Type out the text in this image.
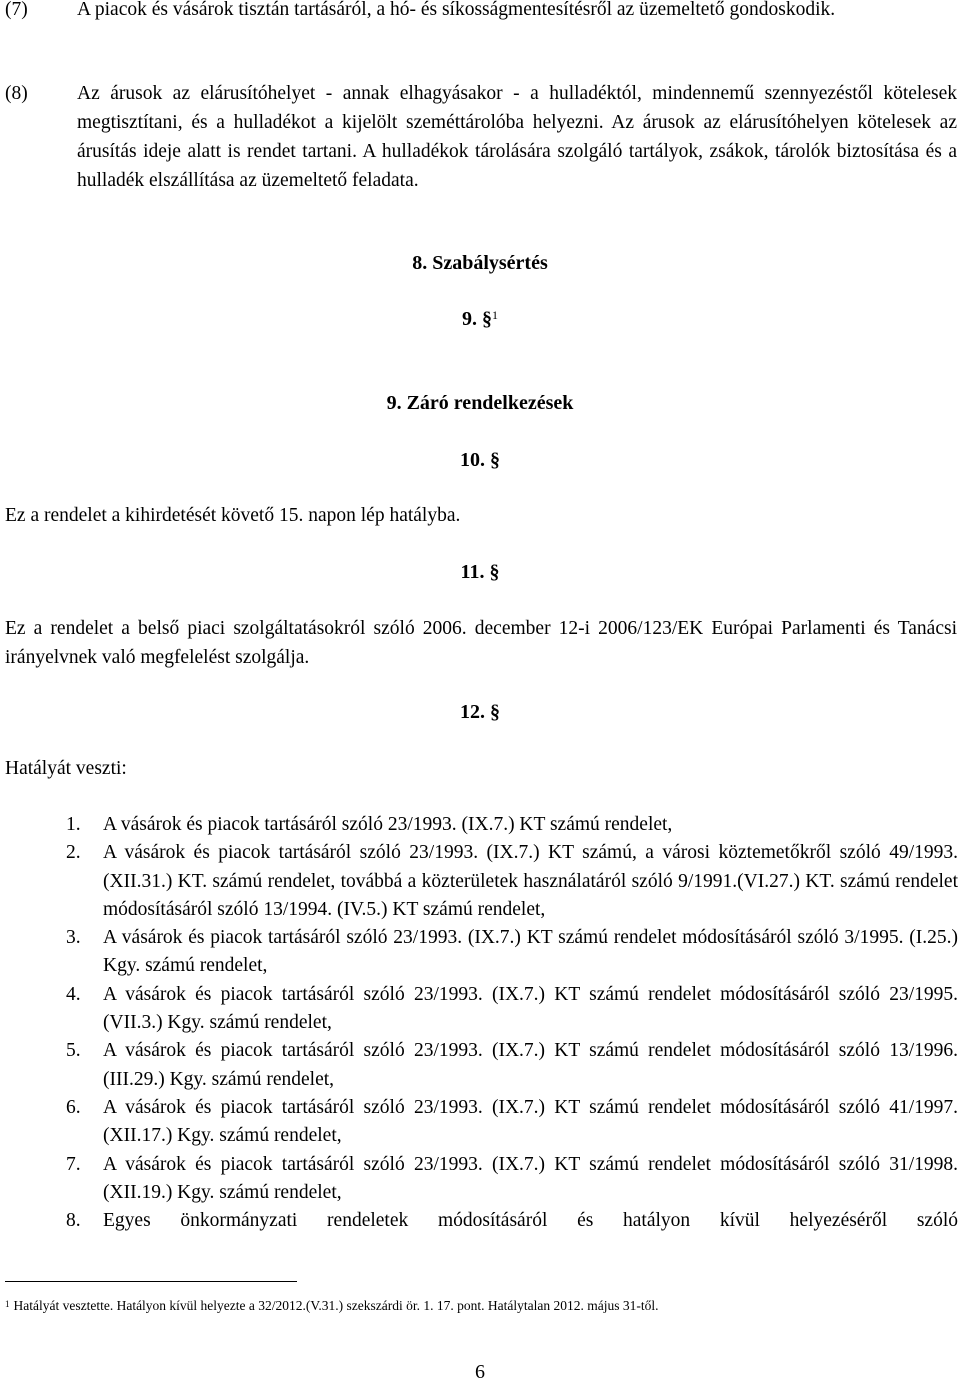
(7)	A piacok és vásárok tisztán tartásáról, a hó- és síkosságmentesítésről az üzemeltető gondoskodik.
(8)	Az árusok az elárusítóhelyet - annak elhagyásakor - a hulladéktól, mindennemű szennyezéstől kötelesek megtisztítani, és a hulladékot a kijelölt szeméttárolóba helyezni. Az árusok az elárusítóhelyen kötelesek az árusítás ideje alatt is rendet tartani. A hulladékok tárolására szolgáló tartályok, zsákok, tárolók biztosítása és a hulladék elszállítása az üzemeltető feladata.
8. Szabálysértés
9. §$^1$
9. Záró rendelkezések
10. §
Ez a rendelet a kihirdetését követő 15. napon lép hatályba.
11. §
Ez a rendelet a belső piaci szolgáltatásokról szóló 2006. december 12-i 2006/123/EK Európai Parlamenti és Tanácsi irányelvnek való megfelelést szolgálja.
12. §
Hatályát veszti:
1. A vásárok és piacok tartásáról szóló 23/1993. (IX.7.) KT számú rendelet,
2. A vásárok és piacok tartásáról szóló 23/1993. (IX.7.) KT számú, a városi köztemetőkről szóló 49/1993.(XII.31.) KT. számú rendelet, továbbá a közterületek használatáról szóló 9/1991.(VI.27.) KT. számú rendelet módosításáról szóló 13/1994. (IV.5.) KT számú rendelet,
3. A vásárok és piacok tartásáról szóló 23/1993. (IX.7.) KT számú rendelet módosításáról szóló 3/1995. (I.25.) Kgy. számú rendelet,
4. A vásárok és piacok tartásáról szóló 23/1993. (IX.7.) KT számú rendelet módosításáról szóló 23/1995. (VII.3.) Kgy. számú rendelet,
5. A vásárok és piacok tartásáról szóló 23/1993. (IX.7.) KT számú rendelet módosításáról szóló 13/1996. (III.29.) Kgy. számú rendelet,
6. A vásárok és piacok tartásáról szóló 23/1993. (IX.7.) KT számú rendelet módosításáról szóló 41/1997. (XII.17.) Kgy. számú rendelet,
7. A vásárok és piacok tartásáról szóló 23/1993. (IX.7.) KT számú rendelet módosításáról szóló 31/1998. (XII.19.) Kgy. számú rendelet,
8. Egyes önkormányzati rendeletek módosításáról és hatályon kívül helyezéséről szóló
$^1$ Hatályát vesztette. Hatályon kívül helyezte a 32/2012.(V.31.) szekszárdi ör. 1. 17. pont. Hatálytalan 2012. május 31-től.
6
